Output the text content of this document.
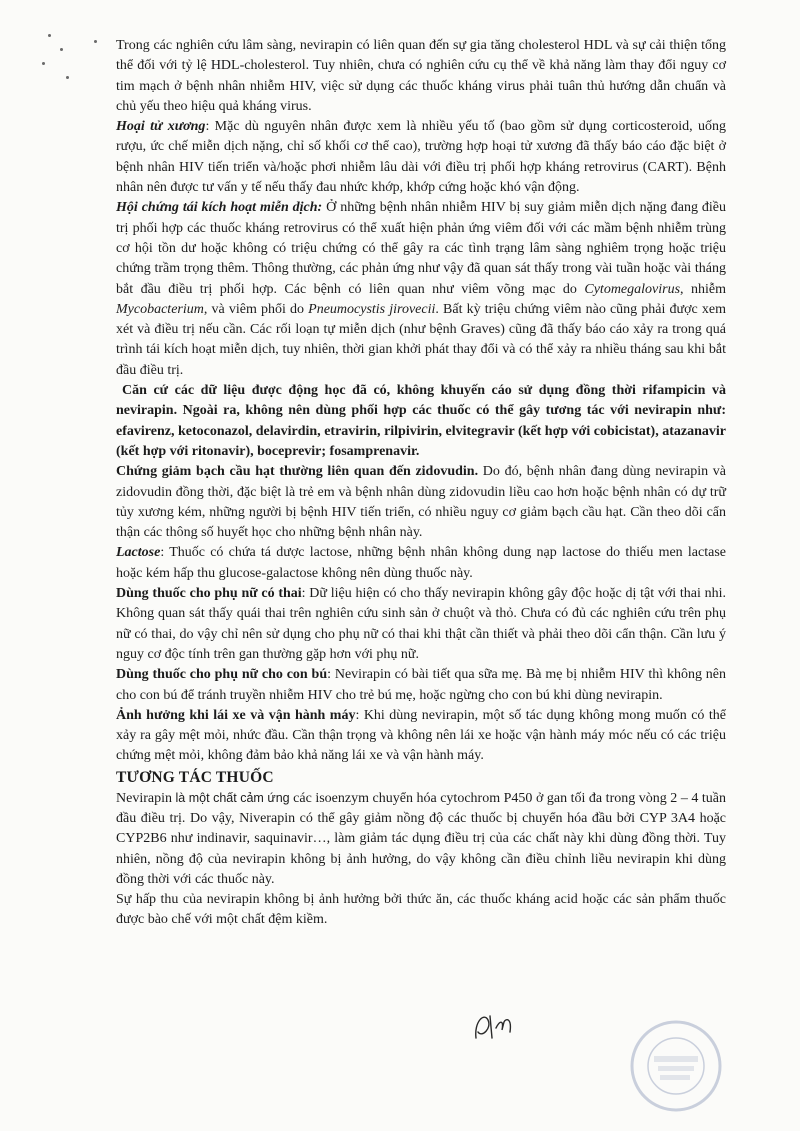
Trong các nghiên cứu lâm sàng, nevirapin có liên quan đến sự gia tăng cholesterol HDL và sự cải thiện tổng thể đối với tỷ lệ HDL-cholesterol. Tuy nhiên, chưa có nghiên cứu cụ thể về khả năng làm thay đổi nguy cơ tim mạch ở bệnh nhân nhiễm HIV, việc sử dụng các thuốc kháng virus phải tuân thủ hướng dẫn chuẩn và chủ yếu theo hiệu quả kháng virus.

Hoại tử xương: Mặc dù nguyên nhân được xem là nhiều yếu tố (bao gồm sử dụng corticosteroid, uống rượu, ức chế miễn dịch nặng, chỉ số khối cơ thể cao), trường hợp hoại tử xương đã thấy báo cáo đặc biệt ở bệnh nhân HIV tiến triển và/hoặc phơi nhiễm lâu dài với điều trị phối hợp kháng retrovirus (CART). Bệnh nhân nên được tư vấn y tế nếu thấy đau nhức khớp, khớp cứng hoặc khó vận động.

Hội chứng tái kích hoạt miễn dịch: Ở những bệnh nhân nhiễm HIV bị suy giảm miễn dịch nặng đang điều trị phối hợp các thuốc kháng retrovirus có thể xuất hiện phản ứng viêm đối với các mầm bệnh nhiễm trùng cơ hội tồn dư hoặc không có triệu chứng có thể gây ra các tình trạng lâm sàng nghiêm trọng hoặc triệu chứng trầm trọng thêm. Thông thường, các phản ứng như vậy đã quan sát thấy trong vài tuần hoặc vài tháng bắt đầu điều trị phối hợp. Các bệnh có liên quan như viêm võng mạc do Cytomegalovirus, nhiễm Mycobacterium, và viêm phổi do Pneumocystis jirovecii. Bất kỳ triệu chứng viêm nào cũng phải được xem xét và điều trị nếu cần. Các rối loạn tự miễn dịch (như bệnh Graves) cũng đã thấy báo cáo xảy ra trong quá trình tái kích hoạt miễn dịch, tuy nhiên, thời gian khởi phát thay đổi và có thể xảy ra nhiều tháng sau khi bắt đầu điều trị.

Căn cứ các dữ liệu được động học đã có, không khuyến cáo sử dụng đồng thời rifampicin và nevirapin. Ngoài ra, không nên dùng phối hợp các thuốc có thể gây tương tác với nevirapin như: efavirenz, ketoconazol, delavirdin, etravirin, rilpivirin, elvitegravir (kết hợp với cobicistat), atazanavir (kết hợp với ritonavir), boceprevir; fosamprenavir.

Chứng giảm bạch cầu hạt thường liên quan đến zidovudin. Do đó, bệnh nhân đang dùng nevirapin và zidovudin đồng thời, đặc biệt là trẻ em và bệnh nhân dùng zidovudin liều cao hơn hoặc bệnh nhân có dự trữ tủy xương kém, những người bị bệnh HIV tiến triển, có nhiều nguy cơ giảm bạch cầu hạt. Cần theo dõi cẩn thận các thông số huyết học cho những bệnh nhân này.

Lactose: Thuốc có chứa tá dược lactose, những bệnh nhân không dung nạp lactose do thiếu men lactase hoặc kém hấp thu glucose-galactose không nên dùng thuốc này.

Dùng thuốc cho phụ nữ có thai: Dữ liệu hiện có cho thấy nevirapin không gây độc hoặc dị tật với thai nhi. Không quan sát thấy quái thai trên nghiên cứu sinh sản ở chuột và thỏ. Chưa có đủ các nghiên cứu trên phụ nữ có thai, do vậy chỉ nên sử dụng cho phụ nữ có thai khi thật cần thiết và phải theo dõi cẩn thận. Cần lưu ý nguy cơ độc tính trên gan thường gặp hơn với phụ nữ.

Dùng thuốc cho phụ nữ cho con bú: Nevirapin có bài tiết qua sữa mẹ. Bà mẹ bị nhiễm HIV thì không nên cho con bú để tránh truyền nhiễm HIV cho trẻ bú mẹ, hoặc ngừng cho con bú khi dùng nevirapin.

Ảnh hưởng khi lái xe và vận hành máy: Khi dùng nevirapin, một số tác dụng không mong muốn có thể xảy ra gây mệt mỏi, nhức đầu. Cần thận trọng và không nên lái xe hoặc vận hành máy móc nếu có các triệu chứng mệt mỏi, không đảm bảo khả năng lái xe và vận hành máy.

TƯƠNG TÁC THUỐC

Nevirapin là một chất cảm ứng các isoenzym chuyển hóa cytochrom P450 ở gan tối đa trong vòng 2 – 4 tuần đầu điều trị. Do vậy, Niverapin có thể gây giảm nồng độ các thuốc bị chuyển hóa đầu bởi CYP 3A4 hoặc CYP2B6 như indinavir, saquinavir…, làm giảm tác dụng điều trị của các chất này khi dùng đồng thời. Tuy nhiên, nồng độ của nevirapin không bị ảnh hưởng, do vậy không cần điều chỉnh liều nevirapin khi dùng đồng thời với các thuốc này.

Sự hấp thu của nevirapin không bị ảnh hưởng bởi thức ăn, các thuốc kháng acid hoặc các sản phẩm thuốc được bào chế với một chất đệm kiềm.
